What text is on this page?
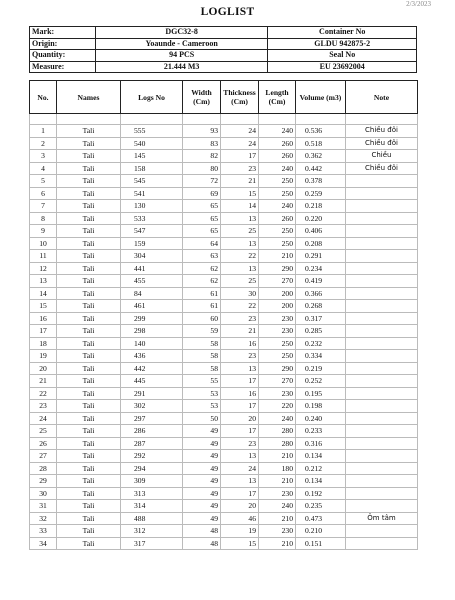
2/3/2023
LOGLIST
Mark:	DGC32-8	Container No
Origin:	Yoaunde - Cameroon	GLDU 942875-2
Quantity:	94 PCS	Seal No
Measure:	21.444 M3	EU 23692004
No.	Names	Logs No	Width (Cm)	Thickness (Cm)	Length (Cm)	Volume (m3)	Note

1	Tali	555	93	24	240	0.536	Chiều đôi
2	Tali	540	83	24	260	0.518	Chiều đôi
3	Tali	145	82	17	260	0.362	Chiều
4	Tali	158	80	23	240	0.442	Chiều đôi
5	Tali	545	72	21	250	0.378	
6	Tali	541	69	15	250	0.259	
7	Tali	130	65	14	240	0.218	
8	Tali	533	65	13	260	0.220	
9	Tali	547	65	25	250	0.406	
10	Tali	159	64	13	250	0.208	
11	Tali	304	63	22	210	0.291	
12	Tali	441	62	13	290	0.234	
13	Tali	455	62	25	270	0.419	
14	Tali	84	61	30	200	0.366	
15	Tali	461	61	22	200	0.268	
16	Tali	299	60	23	230	0.317	
17	Tali	298	59	21	230	0.285	
18	Tali	140	58	16	250	0.232	
19	Tali	436	58	23	250	0.334	
20	Tali	442	58	13	290	0.219	
21	Tali	445	55	17	270	0.252	
22	Tali	291	53	16	230	0.195	
23	Tali	302	53	17	220	0.198	
24	Tali	297	50	20	240	0.240	
25	Tali	286	49	17	280	0.233	
26	Tali	287	49	23	280	0.316	
27	Tali	292	49	13	210	0.134	
28	Tali	294	49	24	180	0.212	
29	Tali	309	49	13	210	0.134	
30	Tali	313	49	17	230	0.192	
31	Tali	314	49	20	240	0.235	
32	Tali	488	49	46	210	0.473	Ôm tâm
33	Tali	312	48	19	230	0.210	
34	Tali	317	48	15	210	0.151	
